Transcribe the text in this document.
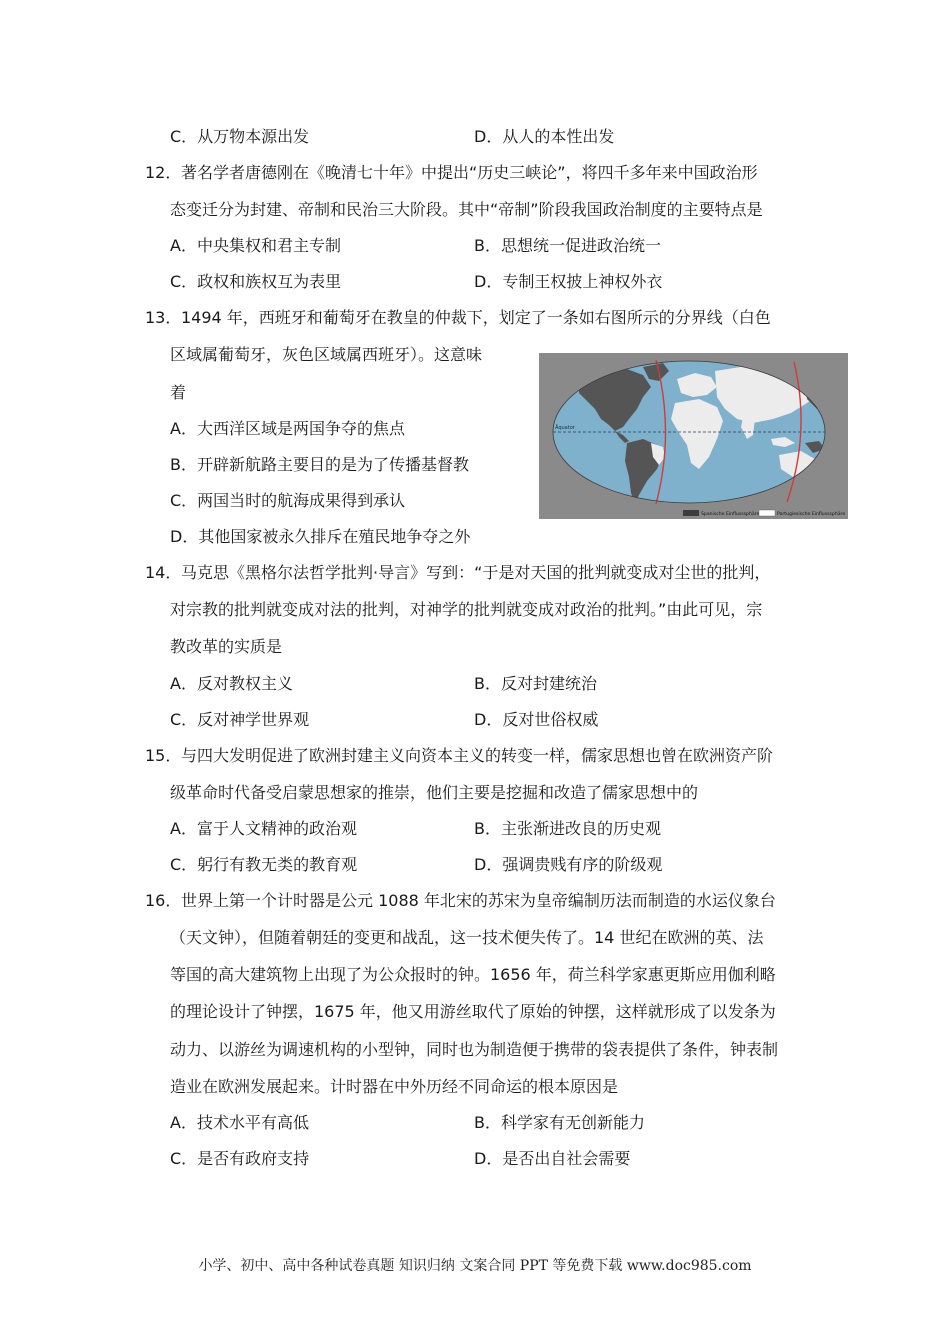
C．从万物本源出发	D．从人的本性出发
12． 著名学者唐德刚在《晚清七十年》中提出“历史三峡论”，将四千多年来中国政治形
态变迁分为封建、帝制和民治三大阶段。其中“帝制”阶段我国政治制度的主要特点是
A．中央集权和君主专制	B．思想统一促进政治统一
C．政权和族权互为表里	D．专制王权披上神权外衣
13． 1494 年，西班牙和葡萄牙在教皇的仲裁下，划定了一条如右图所示的分界线（白色
区域属葡萄牙，灰色区域属西班牙）。这意味
着
A．大西洋区域是两国争夺的焦点
B．开辟新航路主要目的是为了传播基督教
C．两国当时的航海成果得到承认
D．其他国家被永久排斥在殖民地争夺之外
Äquator
Spanische Einflusssphäre	Portugiesische Einflusssphäre
14． 马克思《黑格尔法哲学批判·导言》写到：“于是对天国的批判就变成对尘世的批判，
对宗教的批判就变成对法的批判，对神学的批判就变成对政治的批判。”由此可见，宗
教改革的实质是
A．反对教权主义	B．反对封建统治
C．反对神学世界观	D．反对世俗权威
15． 与四大发明促进了欧洲封建主义向资本主义的转变一样，儒家思想也曾在欧洲资产阶
级革命时代备受启蒙思想家的推崇，他们主要是挖掘和改造了儒家思想中的
A．富于人文精神的政治观	B．主张渐进改良的历史观
C．躬行有教无类的教育观	D．强调贵贱有序的阶级观
16． 世界上第一个计时器是公元 1088 年北宋的苏宋为皇帝编制历法而制造的水运仪象台
（天文钟），但随着朝廷的变更和战乱，这一技术便失传了。14 世纪在欧洲的英、法
等国的高大建筑物上出现了为公众报时的钟。1656 年，荷兰科学家惠更斯应用伽利略
的理论设计了钟摆，1675 年，他又用游丝取代了原始的钟摆，这样就形成了以发条为
动力、以游丝为调速机构的小型钟，同时也为制造便于携带的袋表提供了条件，钟表制
造业在欧洲发展起来。计时器在中外历经不同命运的根本原因是
A．技术水平有高低	B．科学家有无创新能力
C．是否有政府支持	D．是否出自社会需要
小学、初中、高中各种试卷真题 知识归纳 文案合同 PPT 等免费下载 www.doc985.com
